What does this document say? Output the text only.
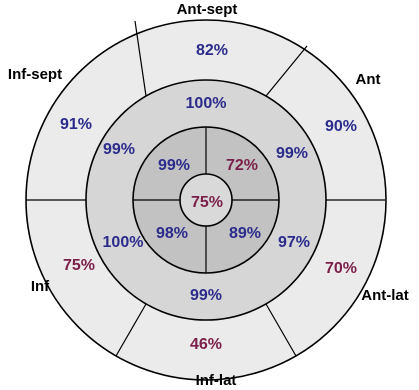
Ant-sept
Ant
Ant-lat
Inf-lat
Inf
Inf-sept
82%
90%
70%
46%
75%
91%
100%
99%
97%
99%
100%
99%
99% 72%
89%
98%
75%
